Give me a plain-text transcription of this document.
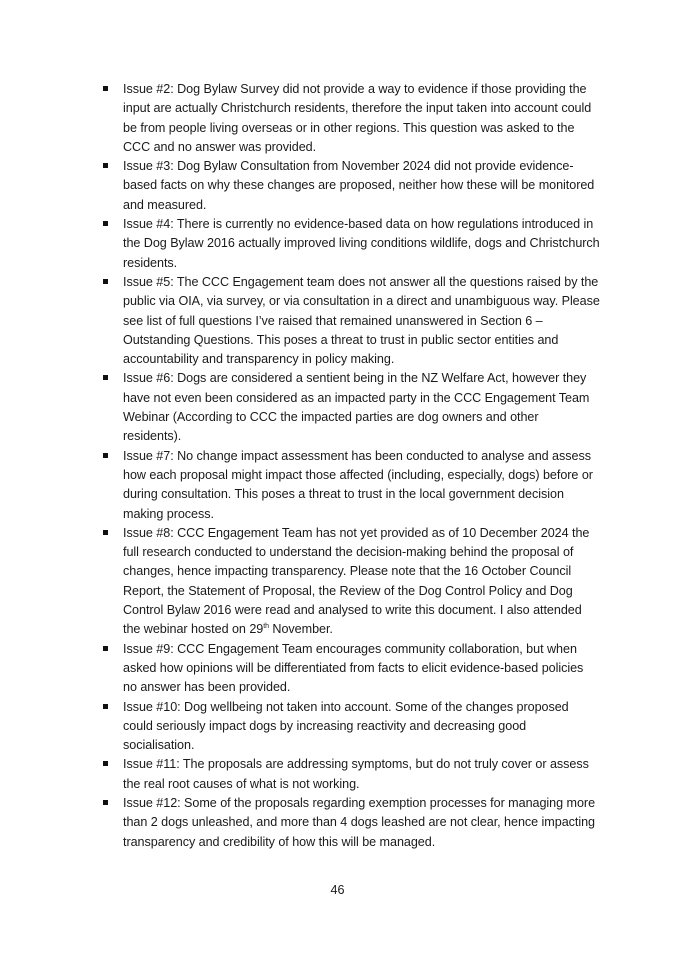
Issue #2: Dog Bylaw Survey did not provide a way to evidence if those providing the input are actually Christchurch residents, therefore the input taken into account could be from people living overseas or in other regions. This question was asked to the CCC and no answer was provided.
Issue #3: Dog Bylaw Consultation from November 2024 did not provide evidence-based facts on why these changes are proposed, neither how these will be monitored and measured.
Issue #4: There is currently no evidence-based data on how regulations introduced in the Dog Bylaw 2016 actually improved living conditions wildlife, dogs and Christchurch residents.
Issue #5: The CCC Engagement team does not answer all the questions raised by the public via OIA, via survey, or via consultation in a direct and unambiguous way. Please see list of full questions I’ve raised that remained unanswered in Section 6 – Outstanding Questions. This poses a threat to trust in public sector entities and accountability and transparency in policy making.
Issue #6: Dogs are considered a sentient being in the NZ Welfare Act, however they have not even been considered as an impacted party in the CCC Engagement Team Webinar (According to CCC the impacted parties are dog owners and other residents).
Issue #7: No change impact assessment has been conducted to analyse and assess how each proposal might impact those affected (including, especially, dogs) before or during consultation. This poses a threat to trust in the local government decision making process.
Issue #8: CCC Engagement Team has not yet provided as of 10 December 2024 the full research conducted to understand the decision-making behind the proposal of changes, hence impacting transparency. Please note that the 16 October Council Report, the Statement of Proposal, the Review of the Dog Control Policy and Dog Control Bylaw 2016 were read and analysed to write this document. I also attended the webinar hosted on 29th November.
Issue #9: CCC Engagement Team encourages community collaboration, but when asked how opinions will be differentiated from facts to elicit evidence-based policies no answer has been provided.
Issue #10: Dog wellbeing not taken into account. Some of the changes proposed could seriously impact dogs by increasing reactivity and decreasing good socialisation.
Issue #11: The proposals are addressing symptoms, but do not truly cover or assess the real root causes of what is not working.
Issue #12: Some of the proposals regarding exemption processes for managing more than 2 dogs unleashed, and more than 4 dogs leashed are not clear, hence impacting transparency and credibility of how this will be managed.
46
